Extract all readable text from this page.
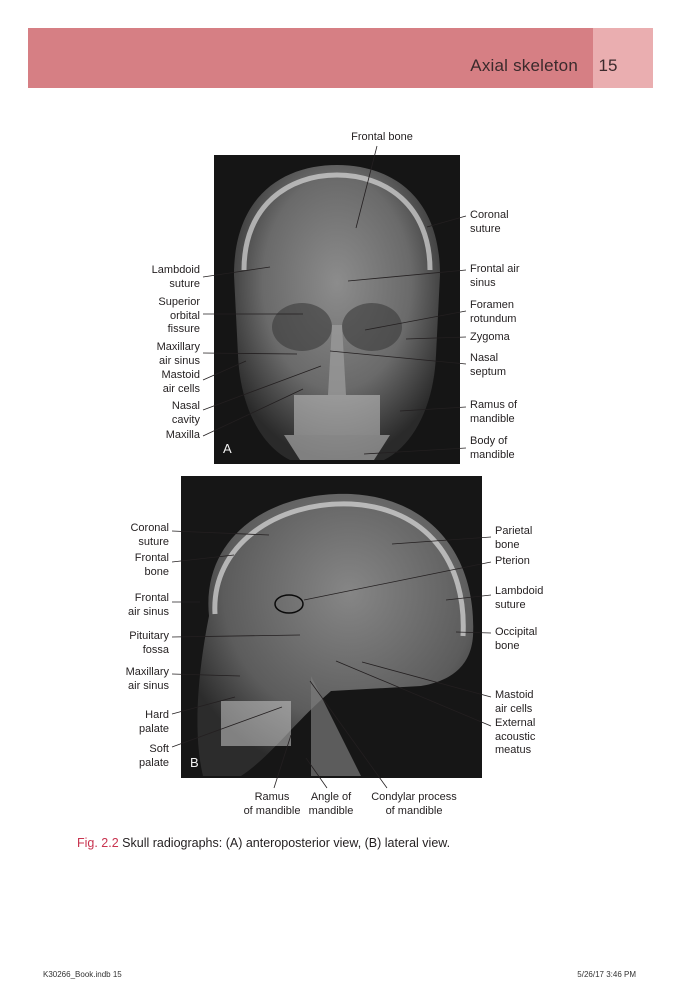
Axial skeleton 15
A
B
Frontal bone
Coronal
suture
Lambdoid
suture
Frontal air
sinus
Superior
orbital
fissure
Foramen
rotundum
Zygoma
Maxillary
air sinus	Nasal
septum
Mastoid
air cells
Nasal
cavity
Ramus of
mandible
Maxilla	Body of
mandible
Coronal
suture
Parietal
bone
Frontal
bone
Pterion
Frontal
air sinus
Lambdoid
suture
Pituitary
fossa
Occipital
bone
Maxillary
air sinus
Mastoid
air cells
Hard
palate	External
acoustic
meatus
Soft
palate
Ramus
of mandible
Angle of
mandible
Condylar process
of mandible
Fig. 2.2 Skull radiographs: (A) anteroposterior view, (B) lateral view.
K30266_Book.indb 15	5/26/17 3:46 PM
